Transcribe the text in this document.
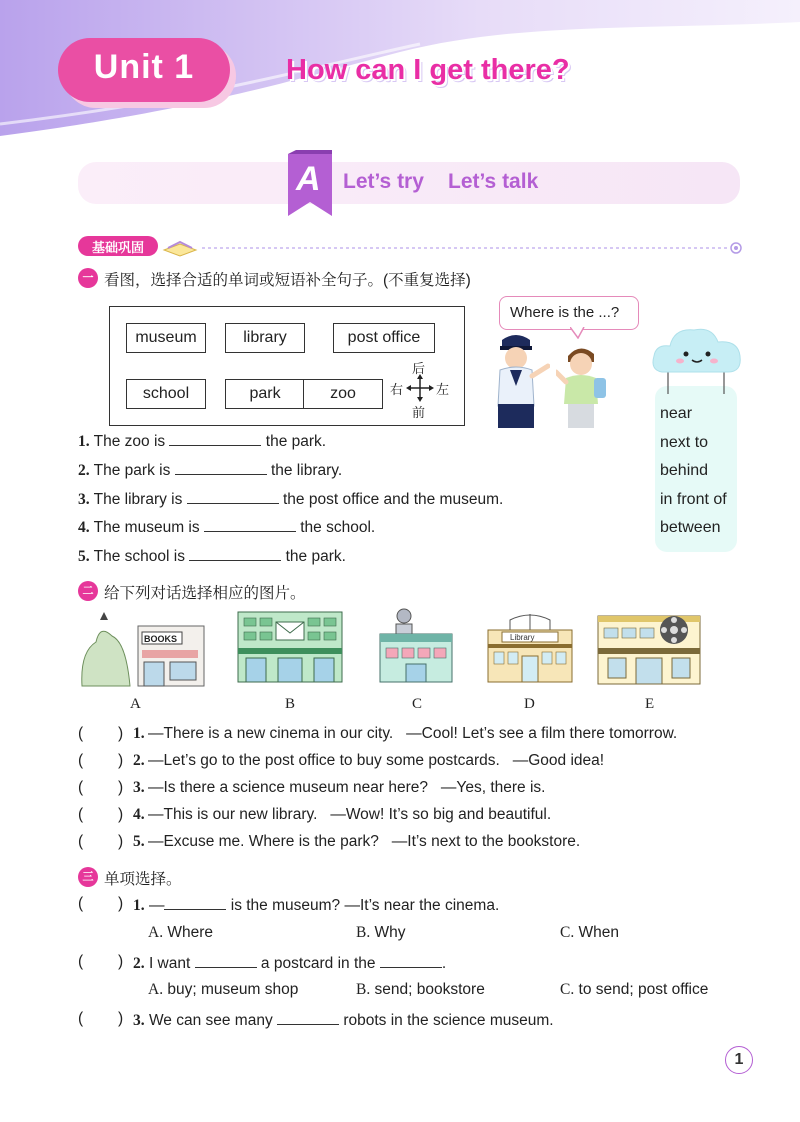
Unit 1	How can I get there?
A Let’s try Let’s talk
基础巩固
一 看图，选择合适的单词或短语补全句子。(不重复选择)
museum	library	post office
school	park	zoo
后
右	左
前
Where is the ...?
near
next to
behind
in front of
between
1. The zoo is	the park.
2. The park is	the library.
3. The library is	the post office and the museum.
4. The museum is	the school.
5. The school is	the park.
二 给下列对话选择相应的图片。
BOOKS	Library
A	B	C	D	E
( ) 1. —There is a new cinema in our city.   —Cool! Let’s see a film there tomorrow.
( ) 2. —Let’s go to the post office to buy some postcards.   —Good idea!
( ) 3. —Is there a science museum near here?   —Yes, there is.
( ) 4. —This is our new library.   —Wow! It’s so big and beautiful.
( ) 5. —Excuse me. Where is the park?   —It’s next to the bookstore.
三 单项选择。
( ) 1. —	is the museum? —It’s near the cinema.
A. Where	B. Why	C. When
( ) 2. I want	a postcard in the	.
A. buy; museum shop	B. send; bookstore	C. to send; post office
( ) 3. We can see many	robots in the science museum.
1
